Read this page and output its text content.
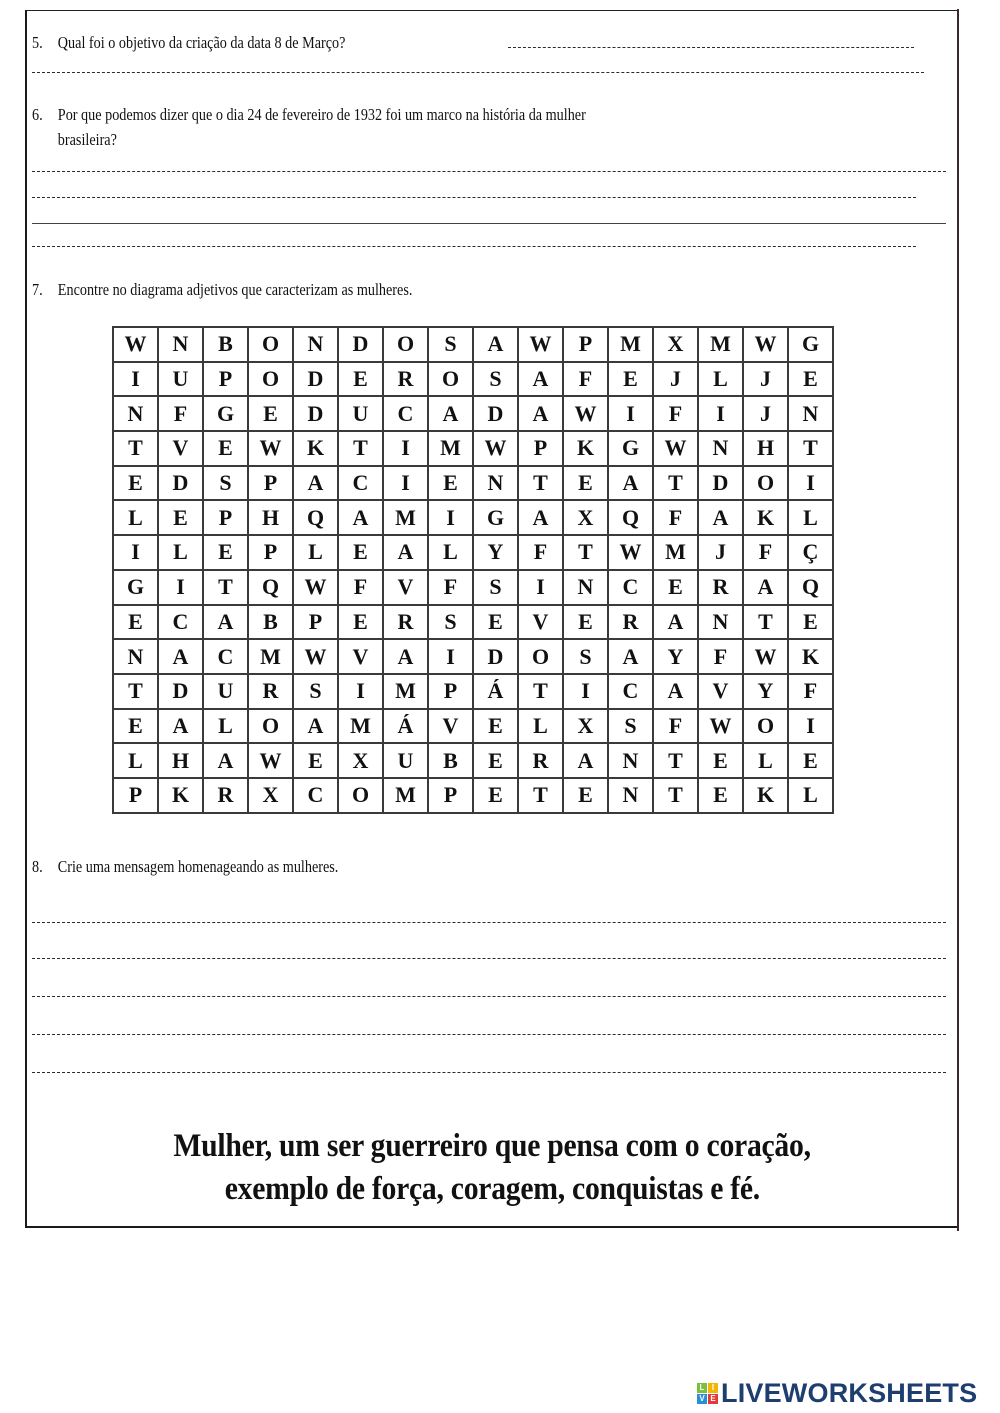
5. Qual foi o objetivo da criação da data 8 de Março?
6. Por que podemos dizer que o dia 24 de fevereiro de 1932 foi um marco na história da mulher
brasileira?
7. Encontre no diagrama adjetivos que caracterizam as mulheres.
W	N	B	O	N	D	O	S	A	W	P	M	X	M	W	G
I	U	P	O	D	E	R	O	S	A	F	E	J	L	J	E
N	F	G	E	D	U	C	A	D	A	W	I	F	I	J	N
T	V	E	W	K	T	I	M	W	P	K	G	W	N	H	T
E	D	S	P	A	C	I	E	N	T	E	A	T	D	O	I
L	E	P	H	Q	A	M	I	G	A	X	Q	F	A	K	L
I	L	E	P	L	E	A	L	Y	F	T	W	M	J	F	Ç
G	I	T	Q	W	F	V	F	S	I	N	C	E	R	A	Q
E	C	A	B	P	E	R	S	E	V	E	R	A	N	T	E
N	A	C	M	W	V	A	I	D	O	S	A	Y	F	W	K
T	D	U	R	S	I	M	P	Á	T	I	C	A	V	Y	F
E	A	L	O	A	M	Á	V	E	L	X	S	F	W	O	I
L	H	A	W	E	X	U	B	E	R	A	N	T	E	L	E
P	K	R	X	C	O	M	P	E	T	E	N	T	E	K	L
8. Crie uma mensagem homenageando as mulheres.
Mulher, um ser guerreiro que pensa com o coração,
exemplo de força, coragem, conquistas e fé.
L I
V E LIVEWORKSHEETS
